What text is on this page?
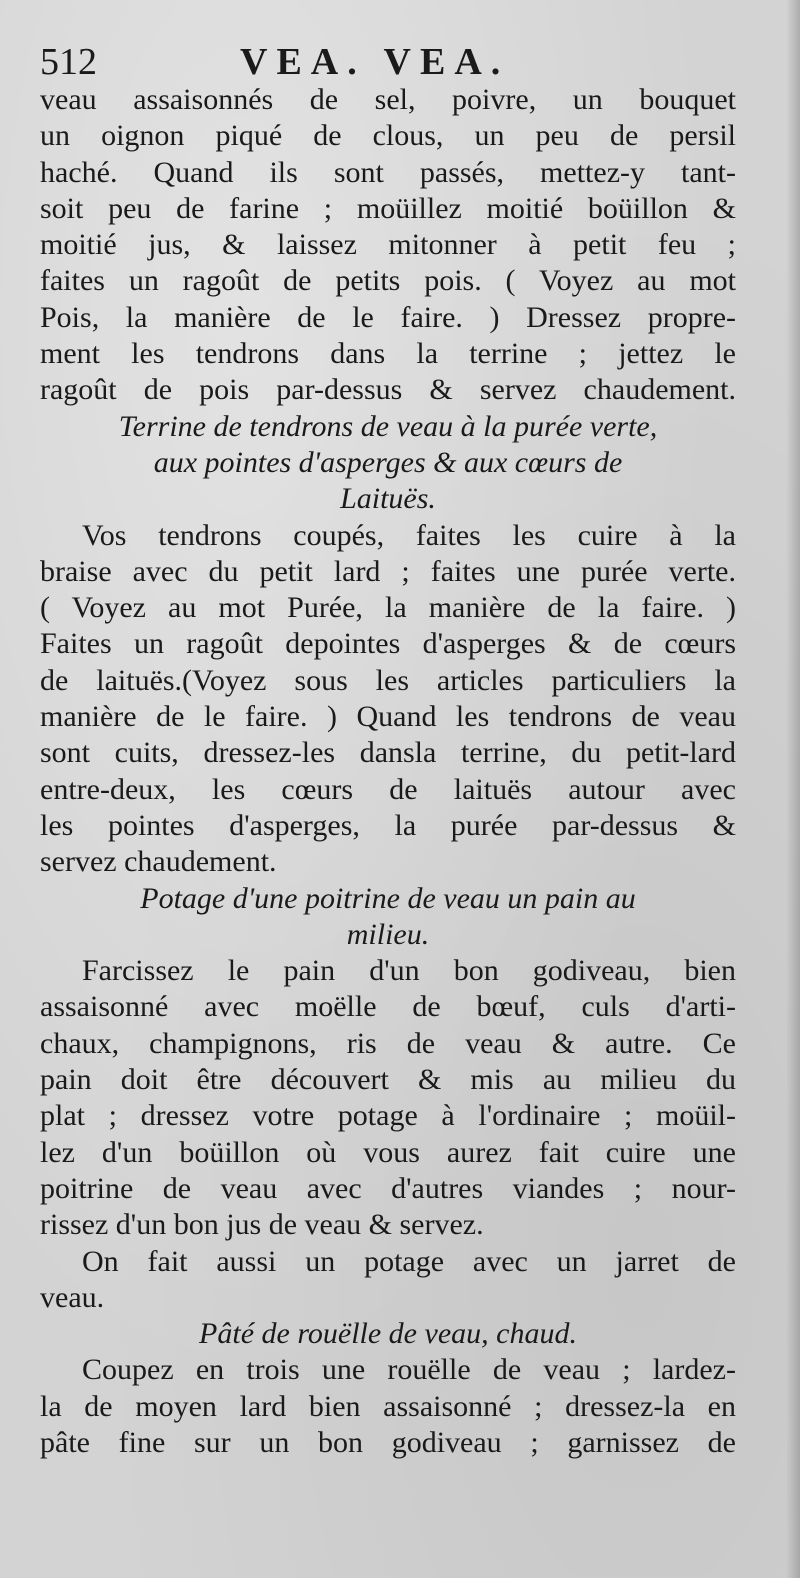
512	VEA. VEA.
veau assaisonnés de sel, poivre, un bouquet
un oignon piqué de clous, un peu de persil
haché. Quand ils sont passés, mettez-y tant-
soit peu de farine ; moüillez moitié boüillon &
moitié jus, & laissez mitonner à petit feu ;
faites un ragoût de petits pois. ( Voyez au mot
Pois, la manière de le faire. ) Dressez propre-
ment les tendrons dans la terrine ; jettez le
ragoût de pois par-dessus & servez chaudement.
Terrine de tendrons de veau à la purée verte,
aux pointes d'asperges & aux cœurs de
Laituës.
Vos tendrons coupés, faites les cuire à la
braise avec du petit lard ; faites une purée verte.
( Voyez au mot Purée, la manière de la faire. )
Faites un ragoût depointes d'asperges & de cœurs
de laituës.(Voyez sous les articles particuliers la
manière de le faire. ) Quand les tendrons de veau
sont cuits, dressez-les dansla terrine, du petit-lard
entre-deux, les cœurs de laituës autour avec
les pointes d'asperges, la purée par-dessus &
servez chaudement.
Potage d'une poitrine de veau un pain au
milieu.
Farcissez le pain d'un bon godiveau, bien
assaisonné avec moëlle de bœuf, culs d'arti-
chaux, champignons, ris de veau & autre. Ce
pain doit être découvert & mis au milieu du
plat ; dressez votre potage à l'ordinaire ; moüil-
lez d'un boüillon où vous aurez fait cuire une
poitrine de veau avec d'autres viandes ; nour-
rissez d'un bon jus de veau & servez.
On fait aussi un potage avec un jarret de
veau.
Pâté de rouëlle de veau, chaud.
Coupez en trois une rouëlle de veau ; lardez-
la de moyen lard bien assaisonné ; dressez-la en
pâte fine sur un bon godiveau ; garnissez de
